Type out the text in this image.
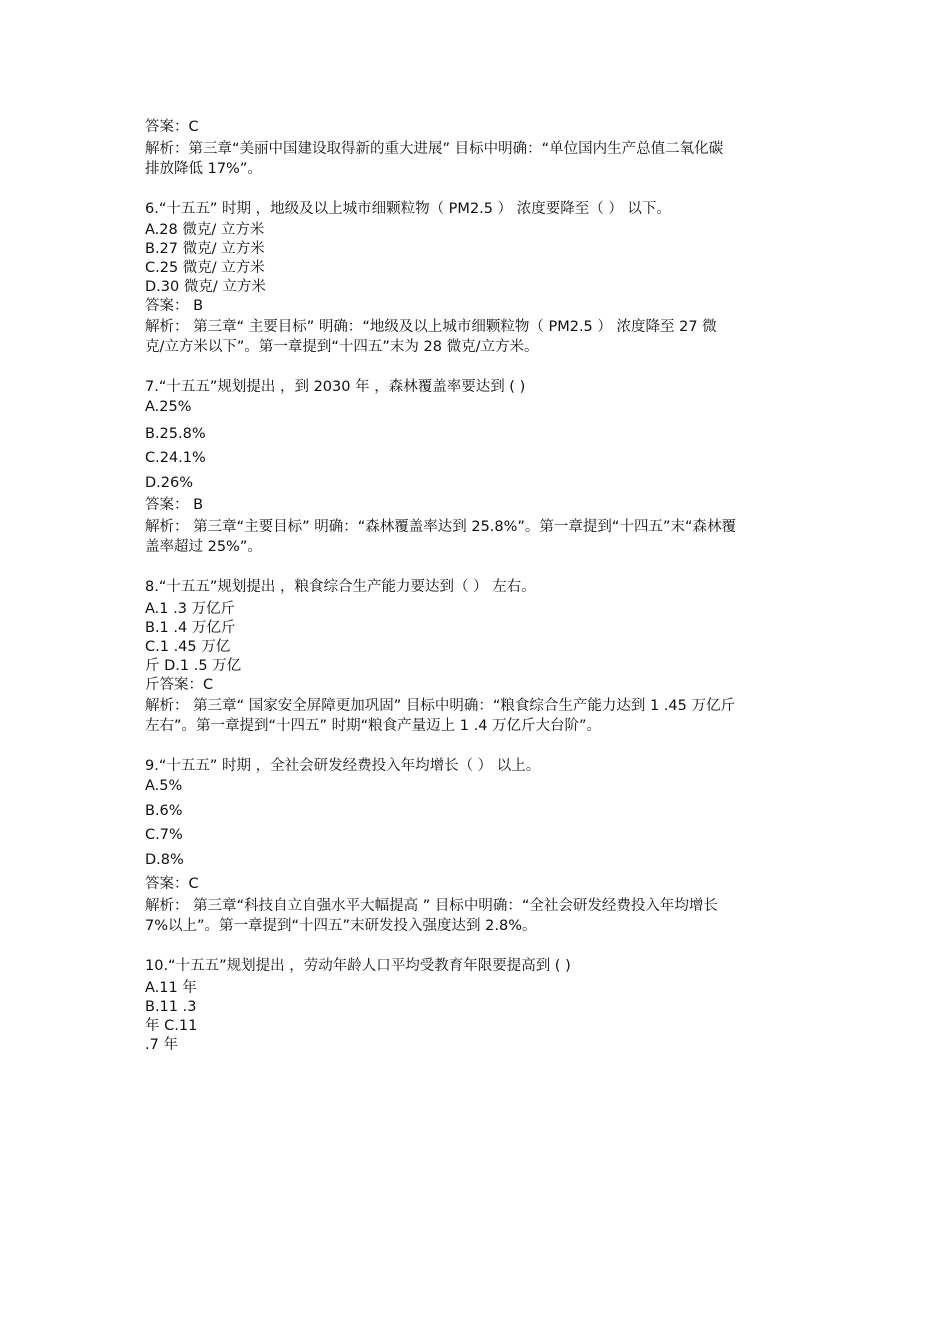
答案：C
解析：第三章“美丽中国建设取得新的重大进展” 目标中明确：“单位国内生产总值二氧化碳
排放降低 17%”。
6.“十五五” 时期 ，地级及以上城市细颗粒物（ PM2.5 ） 浓度要降至（ ） 以下。
A.28 微克/ 立方米
B.27 微克/ 立方米
C.25 微克/ 立方米
D.30 微克/ 立方米
答案： B
解析： 第三章“ 主要目标” 明确：“地级及以上城市细颗粒物（ PM2.5 ） 浓度降至 27 微
克/立方米以下”。第一章提到“十四五”末为 28 微克/立方米。
7.“十五五”规划提出 ，到 2030 年 ，森林覆盖率要达到 ( )
A.25%
B.25.8%
C.24.1%
D.26%
答案： B
解析： 第三章“主要目标” 明确：“森林覆盖率达到 25.8%”。第一章提到“十四五”末“森林覆
盖率超过 25%”。
8.“十五五”规划提出 ，粮食综合生产能力要达到（ ） 左右。
A.1 .3 万亿斤
B.1 .4 万亿斤
C.1 .45 万亿
斤 D.1 .5 万亿
斤答案：C
解析： 第三章“ 国家安全屏障更加巩固” 目标中明确：“粮食综合生产能力达到 1 .45 万亿斤
左右”。第一章提到“十四五” 时期“粮食产量迈上 1 .4 万亿斤大台阶”。
9.“十五五” 时期 ，全社会研发经费投入年均增长（ ） 以上。
A.5%
B.6%
C.7%
D.8%
答案：C
解析： 第三章“科技自立自强水平大幅提高 ” 目标中明确：“全社会研发经费投入年均增长
7%以上”。第一章提到“十四五”末研发投入强度达到 2.8%。
10.“十五五”规划提出 ，劳动年龄人口平均受教育年限要提高到 ( )
A.11 年
B.11 .3
年 C.11
.7 年
